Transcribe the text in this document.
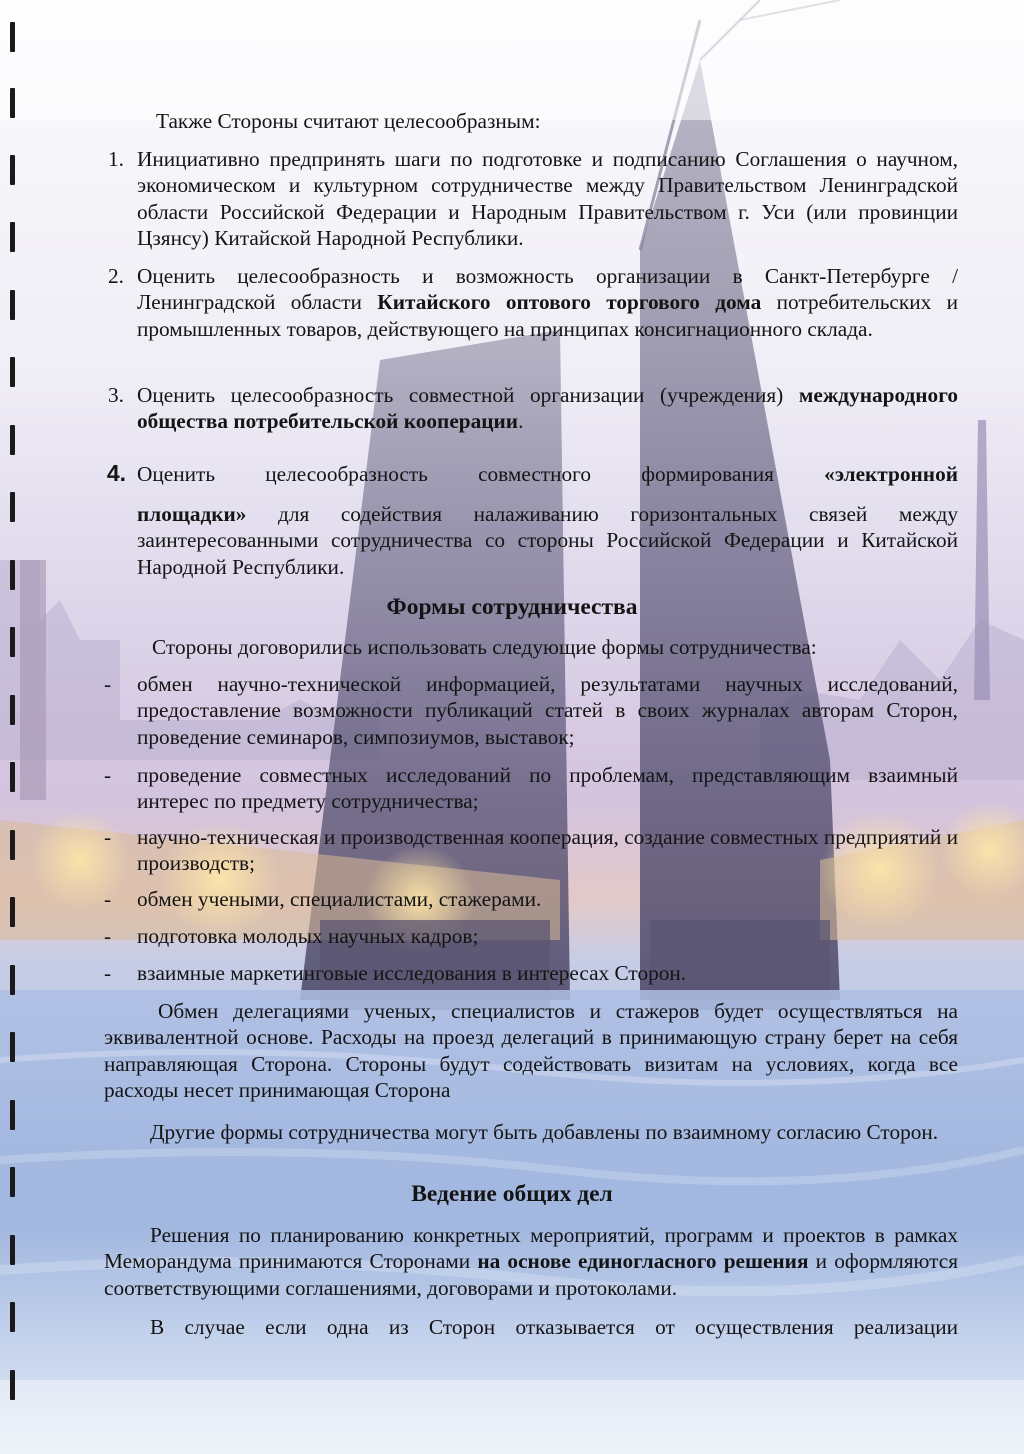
Также Стороны считают целесообразным:

1. Инициативно предпринять шаги по подготовке и подписанию Соглашения о научном, экономическом и культурном сотрудничестве между Правительством Ленинградской области Российской Федерации и Народным Правительством г. Уси (или провинции Цзянсу) Китайской Народной Республики.

2. Оценить целесообразность и возможность организации в Санкт-Петербурге / Ленинградской области Китайского оптового торгового дома потребительских и промышленных товаров, действующего на принципах консигнационного склада.

3. Оценить целесообразность совместной организации (учреждения) международного общества потребительской кооперации.

4. Оценить целесообразность совместного формирования «электронной

площадки» для содействия налаживанию горизонтальных связей между заинтересованными сотрудничества со стороны Российской Федерации и Китайской Народной Республики.

Формы сотрудничества

Стороны договорились использовать следующие формы сотрудничества:

- обмен научно-технической информацией, результатами научных исследований, предоставление возможности публикаций статей в своих журналах авторам Сторон, проведение семинаров, симпозиумов, выставок;

- проведение совместных исследований по проблемам, представляющим взаимный интерес по предмету сотрудничества;

- научно-техническая и производственная кооперация, создание совместных предприятий и производств;

- обмен учеными, специалистами, стажерами.

- подготовка молодых научных кадров;

- взаимные маркетинговые исследования в интересах Сторон.

Обмен делегациями ученых, специалистов и стажеров будет осуществляться на эквивалентной основе. Расходы на проезд делегаций в принимающую страну берет на себя направляющая Сторона. Стороны будут содействовать визитам на условиях, когда все расходы несет принимающая Сторона

Другие формы сотрудничества могут быть добавлены по взаимному согласию Сторон.

Ведение общих дел

Решения по планированию конкретных мероприятий, программ и проектов в рамках Меморандума принимаются Сторонами на основе единогласного решения и оформляются соответствующими соглашениями, договорами и протоколами.

В случае если одна из Сторон отказывается от осуществления реализации
